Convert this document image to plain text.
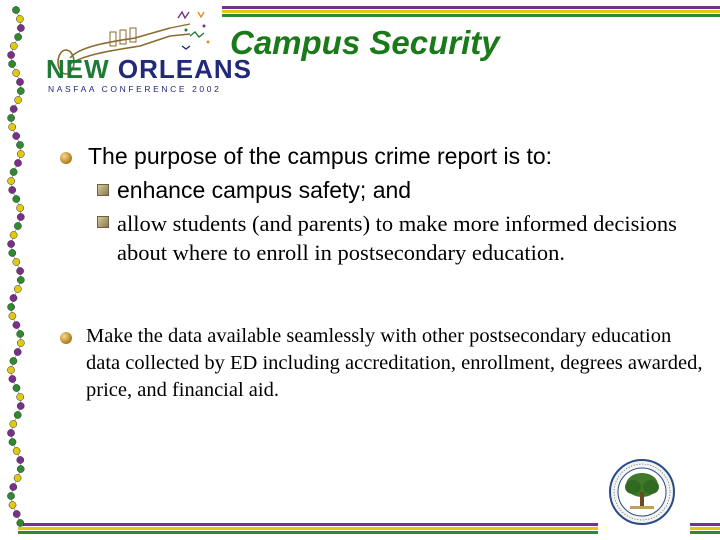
NEW ORLEANS
NASFAA CONFERENCE 2002
Campus Security
The purpose of the campus crime report is to:
enhance campus safety; and
allow students (and parents) to make more informed decisions about where to enroll in postsecondary education.
Make the data available seamlessly with other postsecondary education data collected by ED including accreditation, enrollment, degrees awarded, price, and financial aid.
